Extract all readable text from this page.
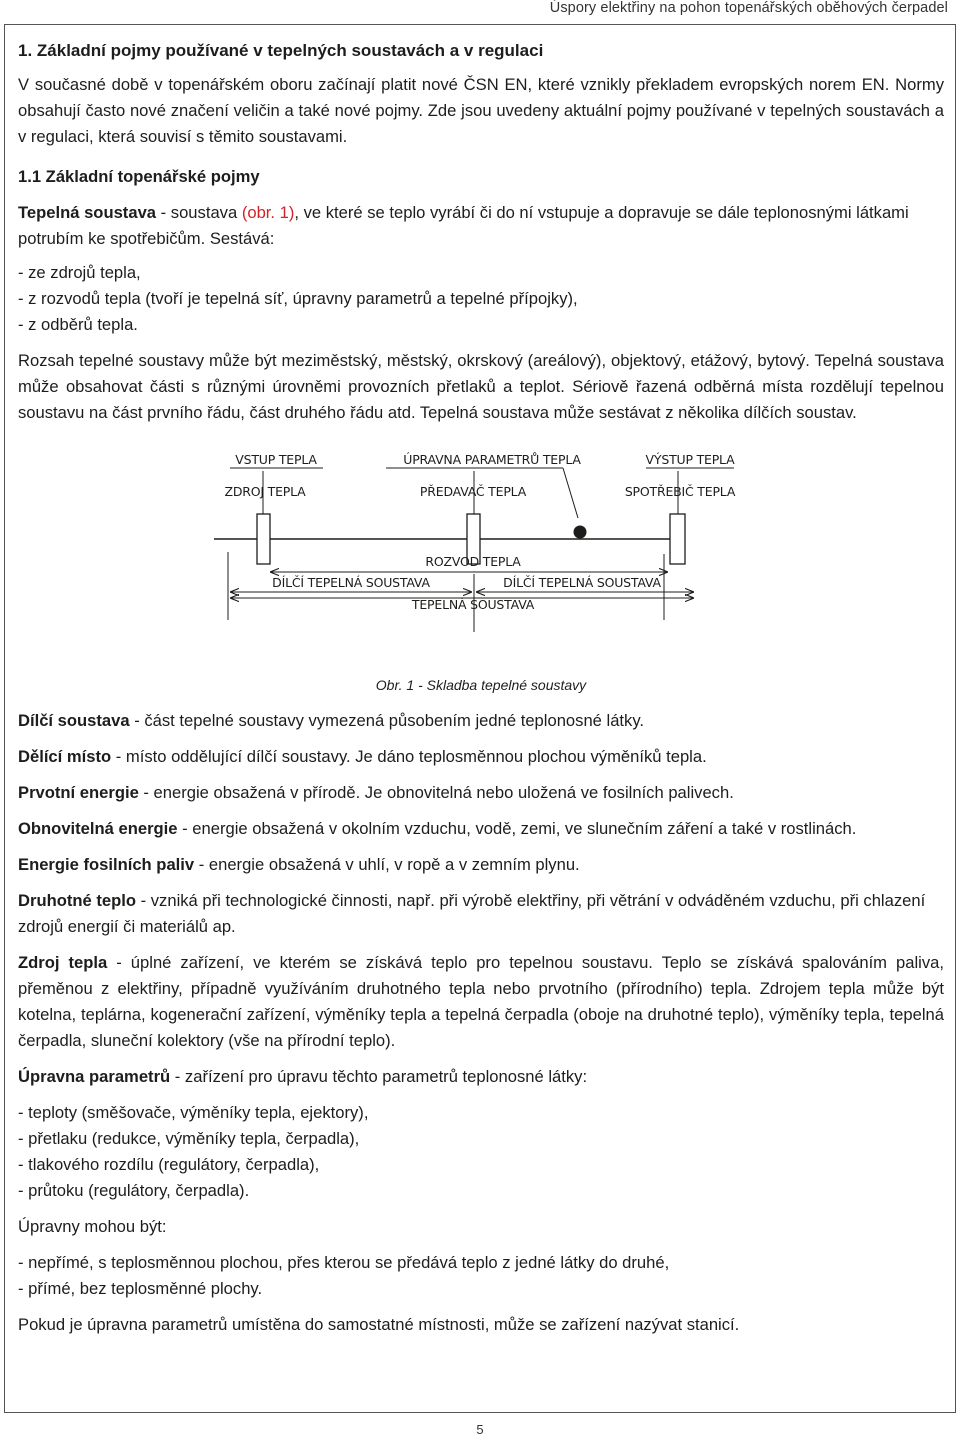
Úspory elektřiny na pohon topenářských oběhových čerpadel

1. Základní pojmy používané v tepelných soustavách a v regulaci

V současné době v topenářském oboru začínají platit nové ČSN EN, které vznikly překladem evropských norem EN. Normy obsahují často nové značení veličin a také nové pojmy. Zde jsou uvedeny aktuální pojmy používané v tepelných soustavách a v regulaci, která souvisí s těmito soustavami.

1.1 Základní topenářské pojmy

Tepelná soustava - soustava (obr. 1), ve které se teplo vyrábí či do ní vstupuje a dopravuje se dále teplonosnými látkami potrubím ke spotřebičům. Sestává:

- ze zdrojů tepla,
- z rozvodů tepla (tvoří je tepelná síť, úpravny parametrů a tepelné přípojky),
- z odběrů tepla.

Rozsah tepelné soustavy může být meziměstský, městský, okrskový (areálový), objektový, etážový, bytový. Tepelná soustava může obsahovat části s různými úrovněmi provozních přetlaků a teplot. Sériově řazená odběrná místa rozdělují tepelnou soustavu na část prvního řádu, část druhého řádu atd. Tepelná soustava může sestávat z několika dílčích soustav.

VSTUP TEPLA	ÚPRAVNA PARAMETRŮ TEPLA	VÝSTUP TEPLA
ZDROJ TEPLA	PŘEDAVAČ TEPLA	SPOTŘEBIČ TEPLA
ROZVOD TEPLA
DÍLČÍ TEPELNÁ SOUSTAVA	DÍLČÍ TEPELNÁ SOUSTAVA
TEPELNÁ SOUSTAVA

Obr. 1 - Skladba tepelné soustavy

Dílčí soustava - část tepelné soustavy vymezená působením jedné teplonosné látky.

Dělící místo - místo oddělující dílčí soustavy. Je dáno teplosměnnou plochou výměníků tepla.

Prvotní energie - energie obsažená v přírodě. Je obnovitelná nebo uložená ve fosilních palivech.

Obnovitelná energie - energie obsažená v okolním vzduchu, vodě, zemi, ve slunečním záření a také v rostlinách.

Energie fosilních paliv - energie obsažená v uhlí, v ropě a v zemním plynu.

Druhotné teplo - vzniká při technologické činnosti, např. při výrobě elektřiny, při větrání v odváděném vzduchu, při chlazení zdrojů energií či materiálů ap.

Zdroj tepla - úplné zařízení, ve kterém se získává teplo pro tepelnou soustavu. Teplo se získává spalováním paliva, přeměnou z elektřiny, případně využíváním druhotného tepla nebo prvotního (přírodního) tepla. Zdrojem tepla může být kotelna, teplárna, kogenerační zařízení, výměníky tepla a tepelná čerpadla (oboje na druhotné teplo), výměníky tepla, tepelná čerpadla, sluneční kolektory (vše na přírodní teplo).

Úpravna parametrů - zařízení pro úpravu těchto parametrů teplonosné látky:

- teploty (směšovače, výměníky tepla, ejektory),
- přetlaku (redukce, výměníky tepla, čerpadla),
- tlakového rozdílu (regulátory, čerpadla),
- průtoku (regulátory, čerpadla).

Úpravny mohou být:

- nepřímé, s teplosměnnou plochou, přes kterou se předává teplo z jedné látky do druhé,
- přímé, bez teplosměnné plochy.

Pokud je úpravna parametrů umístěna do samostatné místnosti, může se zařízení nazývat stanicí.

5
